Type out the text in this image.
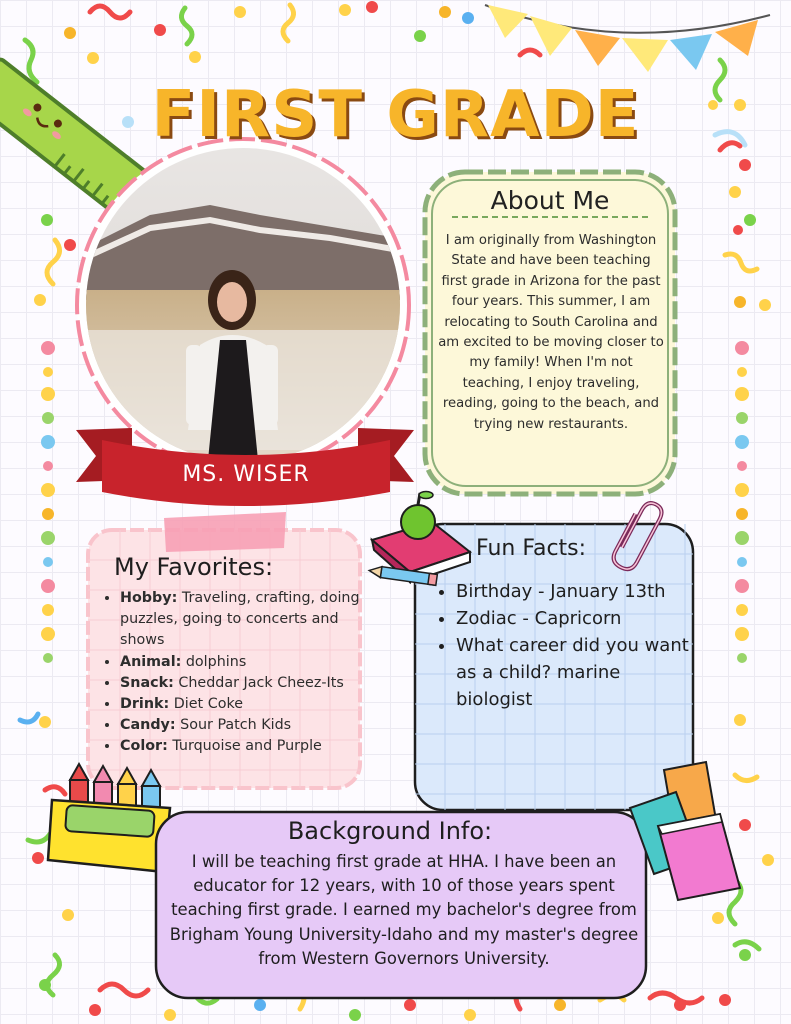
FIRST GRADE
About Me
I am originally from Washington State and have been teaching first grade in Arizona for the past four years. This summer, I am relocating to South Carolina and am excited to be moving closer to my family! When I'm not teaching, I enjoy traveling, reading, going to the beach, and trying new restaurants.
MS. WISER
My Favorites:
• Hobby: Traveling, crafting, doing puzzles, going to concerts and shows
• Animal: dolphins
• Snack: Cheddar Jack Cheez-Its
• Drink: Diet Coke
• Candy: Sour Patch Kids
• Color: Turquoise and Purple
Fun Facts:
• Birthday - January 13th
• Zodiac - Capricorn
• What career did you want as a child? marine biologist
Background Info:
I will be teaching first grade at HHA. I have been an educator for 12 years, with 10 of those years spent teaching first grade. I earned my bachelor's degree from Brigham Young University-Idaho and my master's degree from Western Governors University.
